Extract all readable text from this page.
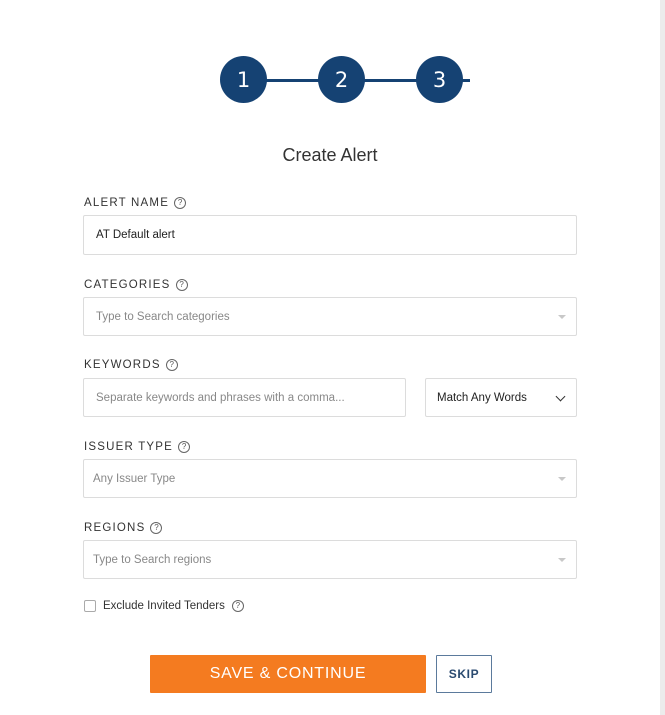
1	2	3
Create Alert
ALERT NAME	?
AT Default alert
CATEGORIES	?
Type to Search categories
KEYWORDS	?
Separate keywords and phrases with a comma...	Match Any Words
ISSUER TYPE	?
Any Issuer Type
REGIONS	?
Type to Search regions
Exclude Invited Tenders	?
SAVE & CONTINUE	SKIP
